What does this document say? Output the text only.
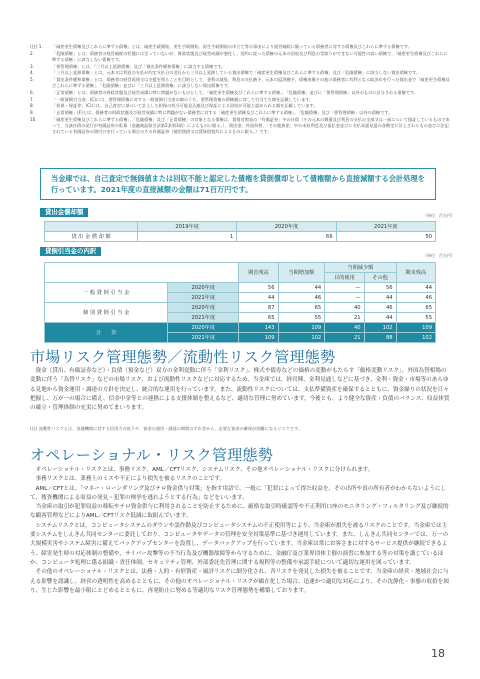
(注) 1.	「破産更生債権及びこれらに準ずる債権」とは、破産手続開始、更生手続開始、再生手続開始の申立て等の事由により経営破綻に陥っている債務者に対する債権及びこれらに準ずる債権です。
2.	「危険債権」とは、債務者の経営破綻の状態には至っていないが、財政状態及び経営成績が悪化し、契約に従った債権の元本の回収及び利息の受取りができない可能性の高い債権で、「破産更生債権及びこれらに準ずる債権」に該当しない債権です。
3.	「要管理債権」とは、「三月以上延滞債権」及び「貸出条件緩和債権」に該当する債権です。
4.	「三月以上延滞債権」とは、元本又は利息の支払が約定支払日の翌日から三月以上延滞している貸出債権で「破産更生債権及びこれらに準ずる債権」及び「危険債権」に該当しない貸出債権です。
5.	「貸出条件緩和債権」とは、債務者の経営再建又は支援を図ることを目的として、金利の減免、利息の支払猶予、元本の返済猶予、債権放棄その他の債務者に有利となる取決めを行った貸出金で「破産更生債権及びこれらに準ずる債権」、「危険債権」並びに「三月以上延滞債権」に該当しない貸出債権です。
6.	「正常債権」とは、債務者の財政状態及び経営成績に特に問題がないものとして、「破産更生債権及びこれらに準ずる債権」、「危険債権」並びに「要管理債権」以外のものに区分される債権です。
7.	「一般貸倒引当金」(C)には、要管理債権に対する一般貸倒引当金の額のうち、要管理債権の債権額に対して引当てた額を記載しています。
8.	「担保・保証等」(C)には、自己査定に基づいて計上した担保の処分可能見込額及び保証による回収が可能と認められる額を記載しています。
9.	「正常債権」(F)とは、債務者の財政状態及び経営成績に特に問題がない債務者に対する「破産更生債権及びこれらに準ずる債権」、「危険債権」及び「要管理債権」以外の債権です。
10.	「破産更生債権及びこれらに準ずる債権」、「危険債権」及び「正常債権」の対象となる債権は、貸借対照表の「有価証券」中の社債（その元本の償還及び利息の支払の全部又は一部について保証しているものであって、当該社債の発行が有価証券の私募（金融商品取引法第2条第3項）によるものに限る。）、貸出金、外国為替、「その他資産」中の未収利息及び仮払金並びに支払承諾見返の各勘定に計上されるもの並びに注記されている有価証券の貸付けを行っている場合のその有価証券（使用貸借又は賃貸借契約によるものに限る。）です。
当金庫では、自己査定で無価値または回収不能と認定した債権を貸倒償却として債権額から直接減額する会計処理を行っています。2021年度の直接減額の金額は71百万円です。
貸出金償却額	（単位：百万円）
	2019年度	2020年度	2021年度
貸 出 金 償 却 額	1	66	50
貸倒引当金の内訳
（単位：百万円）
		期首残高	当期増加額	当期減少額		期末残高
				目的使用	その他	
一 般 貸 倒 引 当 金	2020年度	56	44	—	56	44
	2021年度	44	46	—	44	46
個 別 貸 倒 引 当 金	2020年度	87	65	40	46	65
	2021年度	65	55	21	44	55
合　　計	2020年度	143	109	40	102	109
	2021年度	109	102	21	88	102
市場リスク管理態勢／流動性リスク管理態勢

資金（貸出、有価証券など）・負債（預金など）双方の金利変動に伴う「金利リスク」、株式や債券などの価格の変動がもたらす「価格変動リスク」、外国為替相場の変動に伴う「為替リスク」などの市場リスク、および流動性リスクなどに対応するため、当金庫では、経営陣、金利見通しなどに基づき、金利・資金・市場等のあらゆる見地から資金運用・調達の方針を決定し、統合的な運用を行っています。また、流動性リスクについては、支払準備資産を確保するとともに、資金繰りの状況を日々把握し、万が一の場合に備え、信金中金等との連携による支援体制を整えるなど、適切な管理に努めています。今後とも、より健全な資産・負債のバランス、収益体質の確立・管理体制の充実に努めてまいります。

(注) 流動性リスクとは、金融機関に対する信用力の低下や、資金の運用・調達の期間のずれ等から、必要な資金の確保が困難になるリスクです。
オペレーショナル・リスク管理態勢

オペレーショナル・リスクとは、事務リスク、AML／CFTリスク、システムリスク、その他オペレーショナル・リスクに分けられます。

事務リスクとは、業務上のミスや不正により損失を被るリスクのことです。

AML／CFTとは、「マネー・ローンダリング及びテロ資金供与対策」を指す用語で、一般に「犯罪によって得た収益を、その出所や真の所有者がわからないようにして、捜査機関による収益の発見・犯罪の検挙を逃れようとする行為」などをいいます。

当金庫の取引が犯罪収益の移転やテロ資金供与に利用されることを防止するために、厳格な取引時確認等や不正利用口座のモニタリング・フィルタリング及び継続的な顧客管理などによりAML／CFTリスク低減に取組んでいます。

システムリスクとは、コンピュータシステムのダウンや誤作動及びコンピュータシステムの不正使用等により、当金庫が損失を被るリスクのことです。当金庫では主要システムをしんきん共同センターに委託しており、コンピュータやデータの管理を安全対策基準に基づき運用しています。また、しんきん共同センターでは、万一の大規模災害やシステム障害に備えてバックアップセンターを設置し、データバックアップを行っています。当金庫は常にお客さまに対するサービス提供が継続できるよう、障害発生時の対応体制の整備や、サイバー攻撃等の不当行為及び機器故障等から守るために、金融庁及び業界団体主催の演習に参加する等の対策を講じているほか、コンピュータ処理に係る組織・責任体制、セキュリティ管理、外部委託先管理に関する規程等の整備や承認手続について適切な運用を図っています。

その他のオペレーショナル・リスクとは、法務・人的・有形資産・風評リスクに細分化され、各リスクを発見した損失を被ることです。当金庫の経営・地域社会に与える影響を認識し、経営の透明性を高めるとともに、その他のオペレーショナル・リスクが顕在化した場合、迅速かつ適切な対応により、その沈静化・事態の収拾を図り、生じた影響を最小限にとどめるとともに、再発防止に努める等適切なリスク管理態勢を構築しております。

18
